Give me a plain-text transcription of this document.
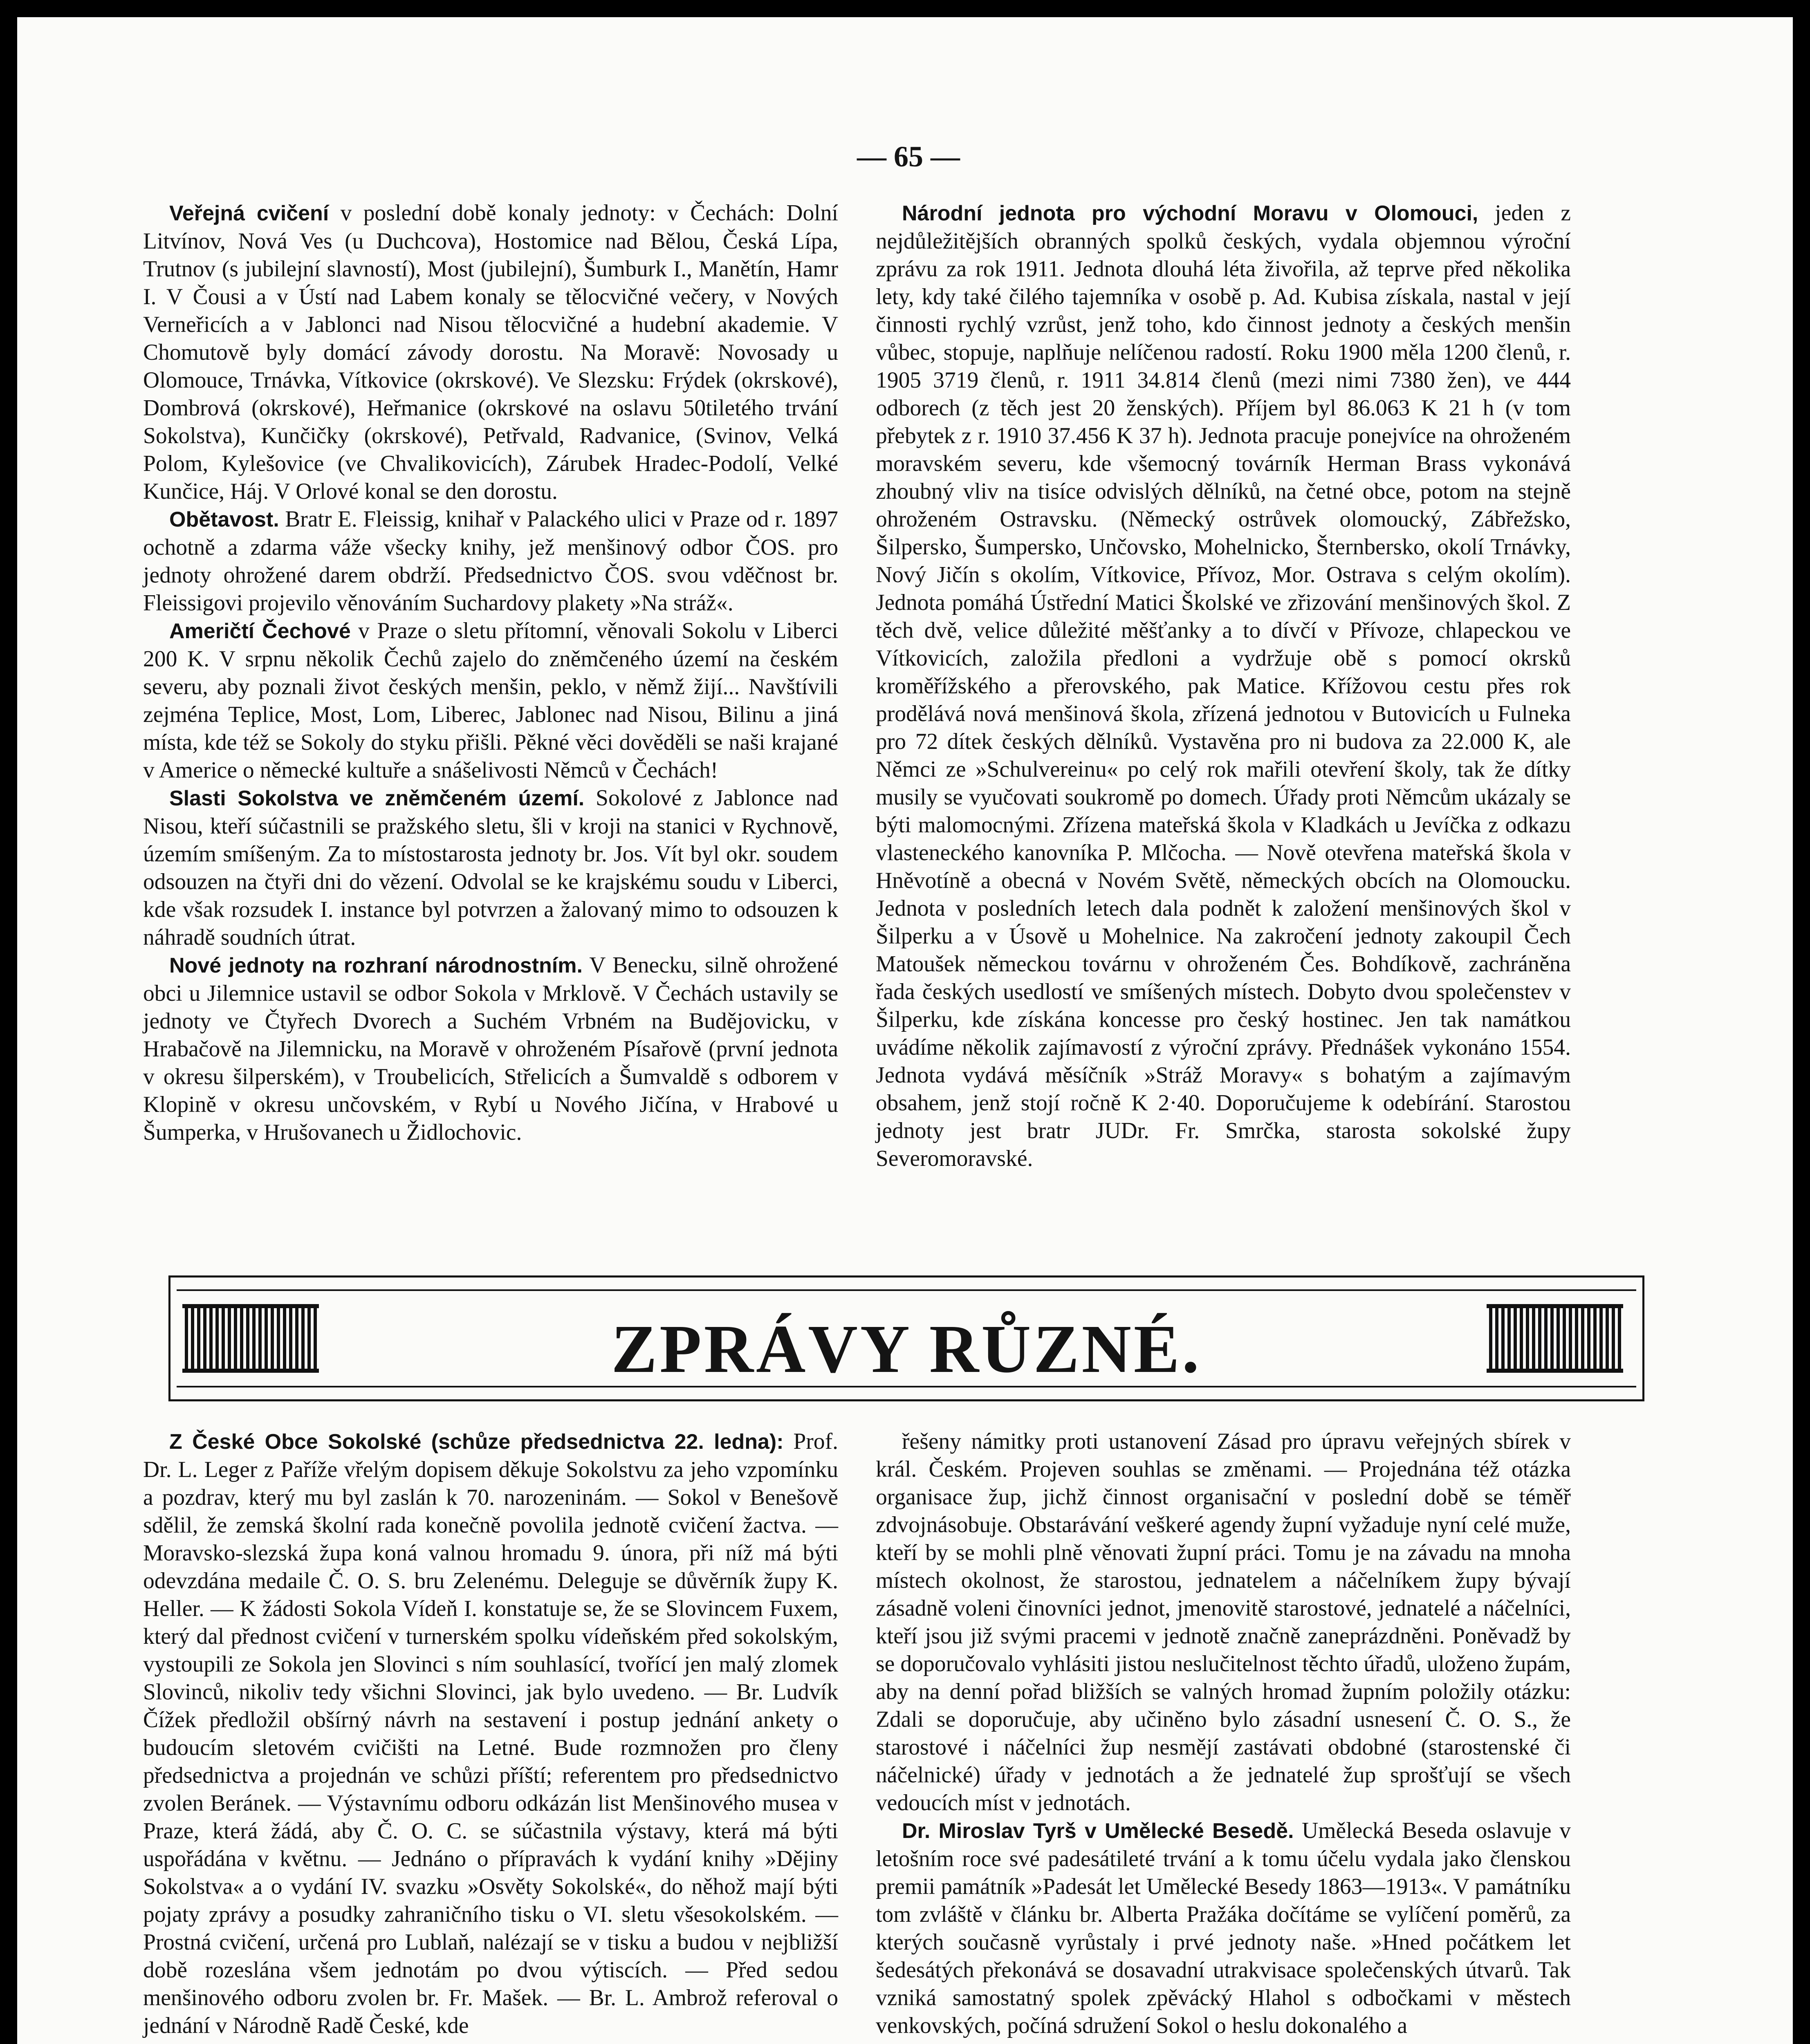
— 65 —

Veřejná cvičení v poslední době konaly jednoty: v Čechách: Dolní Litvínov, Nová Ves (u Duchcova), Hostomice nad Bělou, Česká Lípa, Trutnov (s jubilejní slavností), Most (jubilejní), Šumburk I., Manětín, Hamr I. V Čousi a v Ústí nad Labem konaly se tělocvičné večery, v Nových Verneřicích a v Jablonci nad Nisou tělocvičné a hudební akademie. V Chomutově byly domácí závody dorostu. Na Moravě: Novosady u Olomouce, Trnávka, Vítkovice (okrskové). Ve Slezsku: Frýdek (okrskové), Dombrová (okrskové), Heřmanice (okrskové na oslavu 50tiletého trvání Sokolstva), Kunčičky (okrskové), Petřvald, Radvanice, (Svinov, Velká Polom, Kylešovice (ve Chvalikovicích), Zárubek Hradec-Podolí, Velké Kunčice, Háj. V Orlové konal se den dorostu.

Obětavost. Bratr E. Fleissig, knihař v Palackého ulici v Praze od r. 1897 ochotně a zdarma váže všecky knihy, jež menšinový odbor ČOS. pro jednoty ohrožené darem obdrží. Předsednictvo ČOS. svou vděčnost br. Fleissigovi projevilo věnováním Suchardovy plakety »Na stráž«.

Američtí Čechové v Praze o sletu přítomní, věnovali Sokolu v Liberci 200 K. V srpnu několik Čechů zajelo do zněmčeného území na českém severu, aby poznali život českých menšin, peklo, v němž žijí... Navštívili zejména Teplice, Most, Lom, Liberec, Jablonec nad Nisou, Bilinu a jiná místa, kde též se Sokoly do styku přišli. Pěkné věci dověděli se naši krajané v Americe o německé kultuře a snášelivosti Němců v Čechách!

Slasti Sokolstva ve zněmčeném území. Sokolové z Jablonce nad Nisou, kteří súčastnili se pražského sletu, šli v kroji na stanici v Rychnově, územím smíšeným. Za to místostarosta jednoty br. Jos. Vít byl okr. soudem odsouzen na čtyři dni do vězení. Odvolal se ke krajskému soudu v Liberci, kde však rozsudek I. instance byl potvrzen a žalovaný mimo to odsouzen k náhradě soudních útrat.

Nové jednoty na rozhraní národnostním. V Benecku, silně ohrožené obci u Jilemnice ustavil se odbor Sokola v Mrklově. V Čechách ustavily se jednoty ve Čtyřech Dvorech a Suchém Vrbném na Budějovicku, v Hrabačově na Jilemnicku, na Moravě v ohroženém Písařově (první jednota v okresu šilperském), v Troubelicích, Střelicích a Šumvaldě s odborem v Klopině v okresu unčovském, v Rybí u Nového Jičína, v Hrabové u Šumperka, v Hrušovanech u Židlochovic.

Národní jednota pro východní Moravu v Olomouci, jeden z nejdůležitějších obranných spolků českých, vydala objemnou výroční zprávu za rok 1911. Jednota dlouhá léta živořila, až teprve před několika lety, kdy také čilého tajemníka v osobě p. Ad. Kubisa získala, nastal v její činnosti rychlý vzrůst, jenž toho, kdo činnost jednoty a českých menšin vůbec, stopuje, naplňuje nelíčenou radostí. Roku 1900 měla 1200 členů, r. 1905 3719 členů, r. 1911 34.814 členů (mezi nimi 7380 žen), ve 444 odborech (z těch jest 20 ženských). Příjem byl 86.063 K 21 h (v tom přebytek z r. 1910 37.456 K 37 h). Jednota pracuje ponejvíce na ohroženém moravském severu, kde všemocný továrník Herman Brass vykonává zhoubný vliv na tisíce odvislých dělníků, na četné obce, potom na stejně ohroženém Ostravsku. (Německý ostrůvek olomoucký, Zábřežsko, Šilpersko, Šumpersko, Unčovsko, Mohelnicko, Šternbersko, okolí Trnávky, Nový Jičín s okolím, Vítkovice, Přívoz, Mor. Ostrava s celým okolím). Jednota pomáhá Ústřední Matici Školské ve zřizování menšinových škol. Z těch dvě, velice důležité měšťanky a to dívčí v Přívoze, chlapeckou ve Vítkovicích, založila předloni a vydržuje obě s pomocí okrsků kroměřížského a přerovského, pak Matice. Křížovou cestu přes rok prodělává nová menšinová škola, zřízená jednotou v Butovicích u Fulneka pro 72 dítek českých dělníků. Vystavěna pro ni budova za 22.000 K, ale Němci ze »Schulvereinu« po celý rok mařili otevření školy, tak že dítky musily se vyučovati soukromě po domech. Úřady proti Němcům ukázaly se býti malomocnými. Zřízena mateřská škola v Kladkách u Jevíčka z odkazu vlasteneckého kanovníka P. Mlčocha. — Nově otevřena mateřská škola v Hněvotíně a obecná v Novém Světě, německých obcích na Olomoucku. Jednota v posledních letech dala podnět k založení menšinových škol v Šilperku a v Úsově u Mohelnice. Na zakročení jednoty zakoupil Čech Matoušek německou továrnu v ohroženém Čes. Bohdíkově, zachráněna řada českých usedlostí ve smíšených místech. Dobyto dvou společenstev v Šilperku, kde získána koncesse pro český hostinec. Jen tak namátkou uvádíme několik zajímavostí z výroční zprávy. Přednášek vykonáno 1554. Jednota vydává měsíčník »Stráž Moravy« s bohatým a zajímavým obsahem, jenž stojí ročně K 2·40. Doporučujeme k odebírání. Starostou jednoty jest bratr JUDr. Fr. Smrčka, starosta sokolské župy Severomoravské.

ZPRÁVY RŮZNÉ.

Z České Obce Sokolské (schůze předsednictva 22. ledna): Prof. Dr. L. Leger z Paříže vřelým dopisem děkuje Sokolstvu za jeho vzpomínku a pozdrav, který mu byl zaslán k 70. narozeninám. — Sokol v Benešově sdělil, že zemská školní rada konečně povolila jednotě cvičení žactva. — Moravsko-slezská župa koná valnou hromadu 9. února, při níž má býti odevzdána medaile Č. O. S. bru Zelenému. Deleguje se důvěrník župy K. Heller. — K žádosti Sokola Vídeň I. konstatuje se, že se Slovincem Fuxem, který dal přednost cvičení v turnerském spolku vídeňském před sokolským, vystoupili ze Sokola jen Slovinci s ním souhlasící, tvořící jen malý zlomek Slovinců, nikoliv tedy všichni Slovinci, jak bylo uvedeno. — Br. Ludvík Čížek předložil obšírný návrh na sestavení i postup jednání ankety o budoucím sletovém cvičišti na Letné. Bude rozmnožen pro členy předsednictva a projednán ve schůzi příští; referentem pro předsednictvo zvolen Beránek. — Výstavnímu odboru odkázán list Menšinového musea v Praze, která žádá, aby Č. O. C. se súčastnila výstavy, která má býti uspořádána v květnu. — Jednáno o přípravách k vydání knihy »Dějiny Sokolstva« a o vydání IV. svazku »Osvěty Sokolské«, do něhož mají býti pojaty zprávy a posudky zahraničního tisku o VI. sletu všesokolském. — Prostná cvičení, určená pro Lublaň, nalézají se v tisku a budou v nejbližší době rozeslána všem jednotám po dvou výtiscích. — Před sedou menšinového odboru zvolen br. Fr. Mašek. — Br. L. Ambrož referoval o jednání v Národně Radě České, kde

řešeny námitky proti ustanovení Zásad pro úpravu veřejných sbírek v král. Českém. Projeven souhlas se změnami. — Projednána též otázka organisace žup, jichž činnost organisační v poslední době se téměř zdvojnásobuje. Obstarávání veškeré agendy župní vyžaduje nyní celé muže, kteří by se mohli plně věnovati župní práci. Tomu je na závadu na mnoha místech okolnost, že starostou, jednatelem a náčelníkem župy bývají zásadně voleni činovníci jednot, jmenovitě starostové, jednatelé a náčelníci, kteří jsou již svými pracemi v jednotě značně zaneprázdněni. Poněvadž by se doporučovalo vyhlásiti jistou neslučitelnost těchto úřadů, uloženo župám, aby na denní pořad bližších se valných hromad župním položily otázku: Zdali se doporučuje, aby učiněno bylo zásadní usnesení Č. O. S., že starostové i náčelníci žup nesmějí zastávati obdobné (starostenské či náčelnické) úřady v jednotách a že jednatelé žup sprošťují se všech vedoucích míst v jednotách.

Dr. Miroslav Tyrš v Umělecké Besedě. Umělecká Beseda oslavuje v letošním roce své padesátileté trvání a k tomu účelu vydala jako členskou premii památník »Padesát let Umělecké Besedy 1863—1913«. V památníku tom zvláště v článku br. Alberta Pražáka dočítáme se vylíčení poměrů, za kterých současně vyrůstaly i prvé jednoty naše. »Hned počátkem let šedesátých překonává se dosavadní utrakvisace společenských útvarů. Tak vzniká samostatný spolek zpěvácký Hlahol s odbočkami v městech venkovských, počíná sdružení Sokol o heslu dokonalého a
